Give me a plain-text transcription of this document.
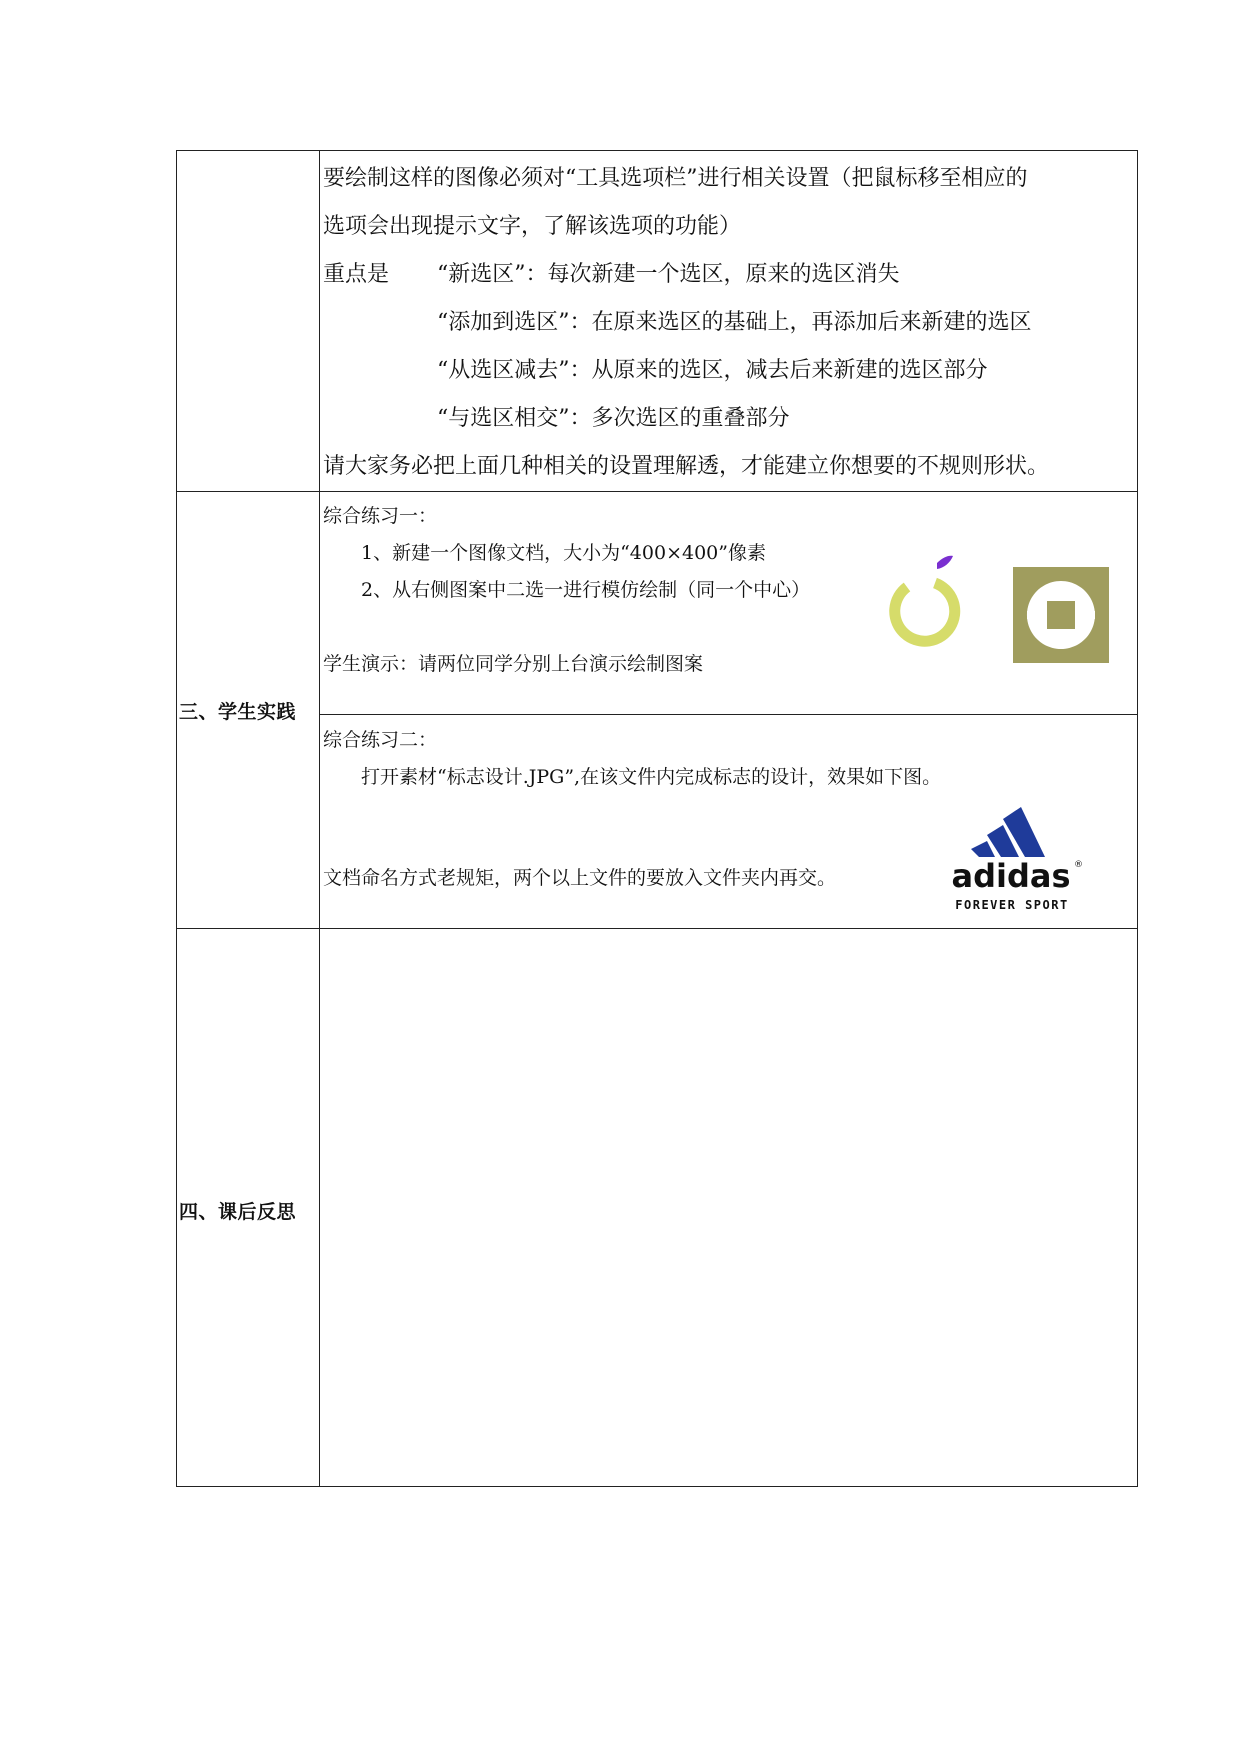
要绘制这样的图像必须对“工具选项栏”进行相关设置（把鼠标移至相应的
选项会出现提示文字，了解该选项的功能）
重点是 “新选区”：每次新建一个选区，原来的选区消失
“添加到选区”：在原来选区的基础上，再添加后来新建的选区
“从选区减去”：从原来的选区，减去后来新建的选区部分
“与选区相交”：多次选区的重叠部分
请大家务必把上面几种相关的设置理解透，才能建立你想要的不规则形状。
三、学生实践
综合练习一：
1、新建一个图像文档，大小为“400×400”像素
2、从右侧图案中二选一进行模仿绘制（同一个中心）
学生演示：请两位同学分别上台演示绘制图案
综合练习二：
打开素材“标志设计.JPG”,在该文件内完成标志的设计，效果如下图。
文档命名方式老规矩，两个以上文件的要放入文件夹内再交。	adidas ®
FOREVER SPORT
四、课后反思
